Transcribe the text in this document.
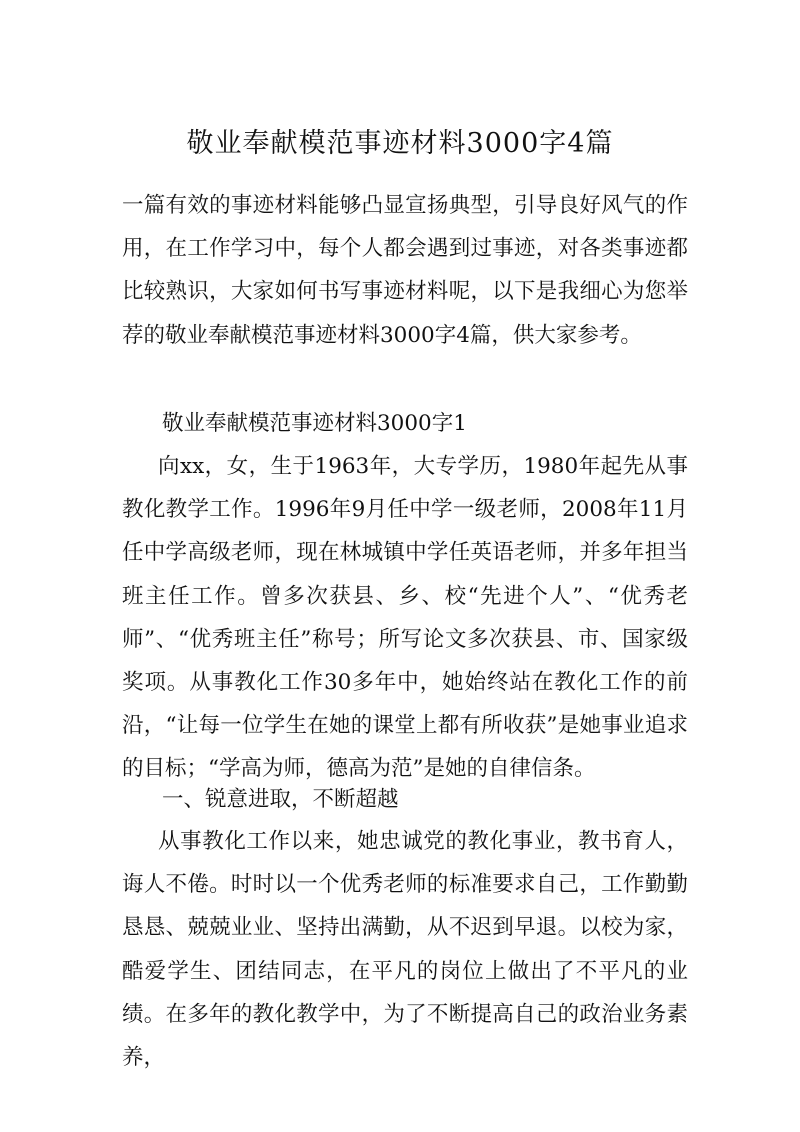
敬业奉献模范事迹材料3000字4篇

一篇有效的事迹材料能够凸显宣扬典型，引导良好风气的作用，在工作学习中，每个人都会遇到过事迹，对各类事迹都比较熟识，大家如何书写事迹材料呢，以下是我细心为您举荐的敬业奉献模范事迹材料3000字4篇，供大家参考。

敬业奉献模范事迹材料3000字1

向xx，女，生于1963年，大专学历，1980年起先从事教化教学工作。1996年9月任中学一级老师，2008年11月任中学高级老师，现在林城镇中学任英语老师，并多年担当班主任工作。曾多次获县、乡、校“先进个人”、“优秀老师”、“优秀班主任”称号；所写论文多次获县、市、国家级奖项。从事教化工作30多年中，她始终站在教化工作的前沿，“让每一位学生在她的课堂上都有所收获”是她事业追求的目标；“学高为师，德高为范”是她的自律信条。

一、锐意进取，不断超越

从事教化工作以来，她忠诚党的教化事业，教书育人，诲人不倦。时时以一个优秀老师的标准要求自己，工作勤勤恳恳、兢兢业业、坚持出满勤，从不迟到早退。以校为家，酷爱学生、团结同志，在平凡的岗位上做出了不平凡的业绩。在多年的教化教学中，为了不断提高自己的政治业务素养，
